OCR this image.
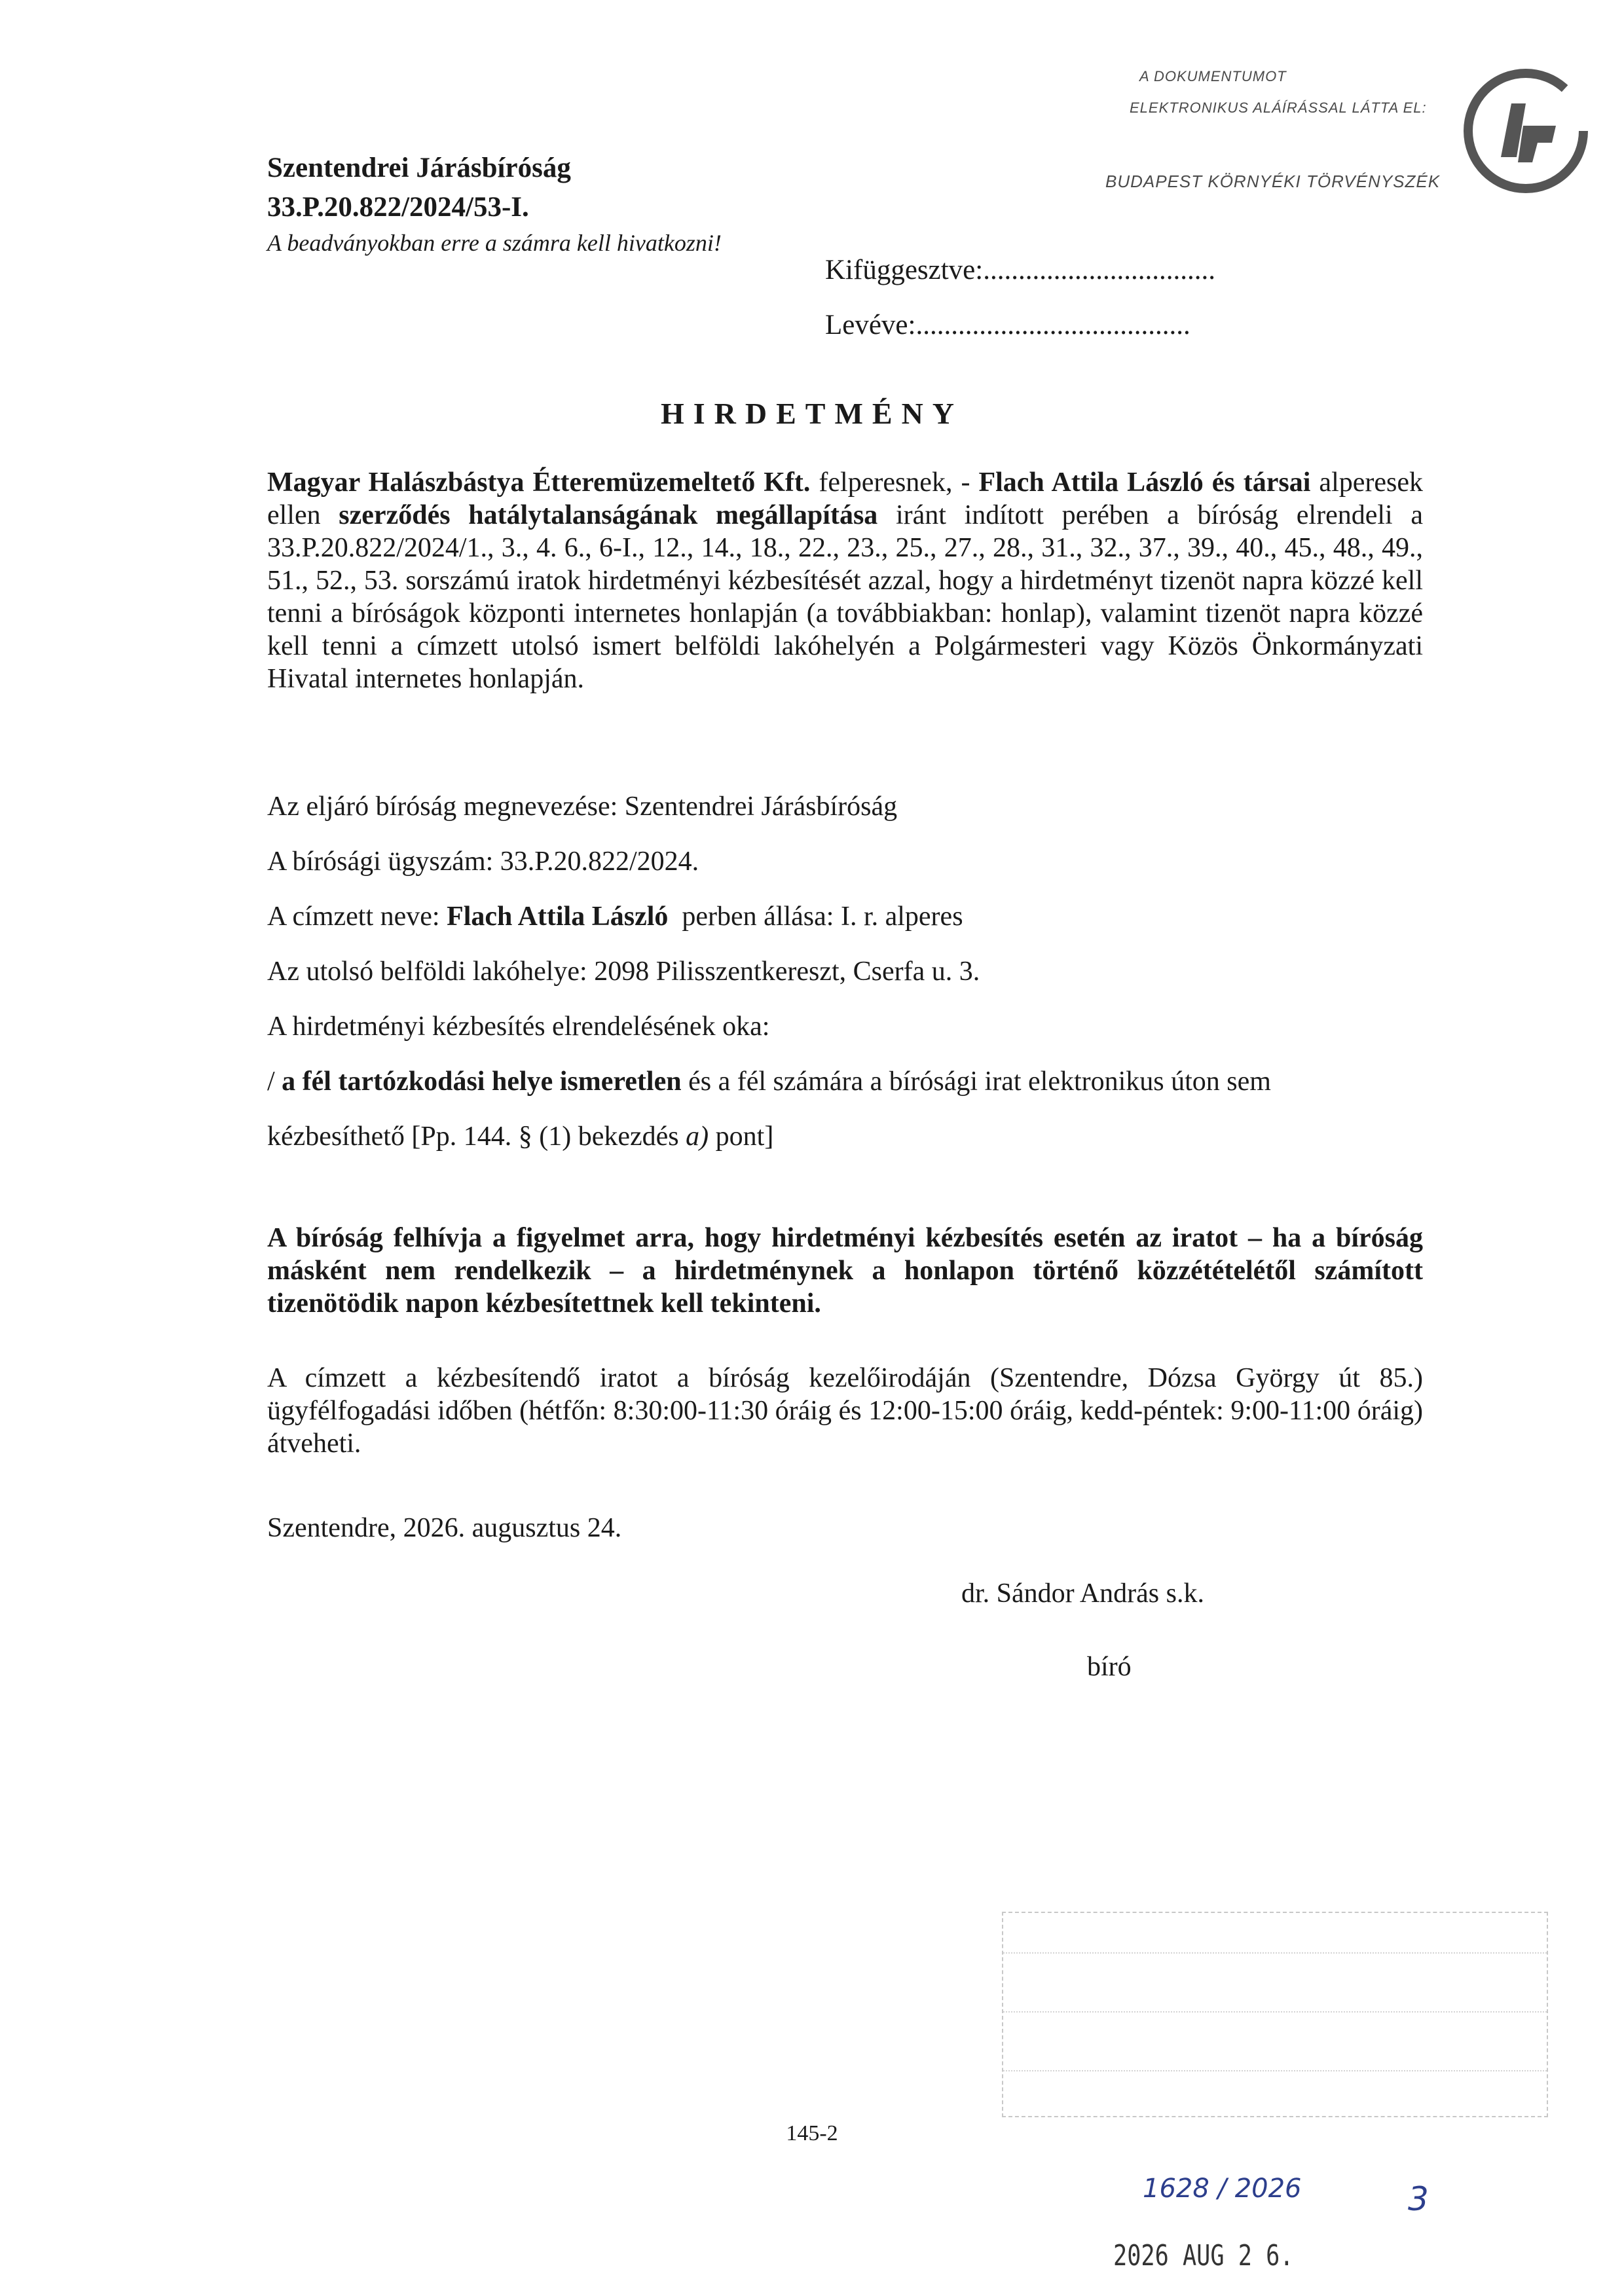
Szentendrei Járásbíróság
33.P.20.822/2024/53-I.
A beadványokban erre a számra kell hivatkozni!
A DOKUMENTUMOT
ELEKTRONIKUS ALÁÍRÁSSAL LÁTTA EL:
BUDAPEST KÖRNYÉKI TÖRVÉNYSZÉK
Kifüggesztve:.................................
Levéve:.......................................
HIRDETMÉNY
Magyar Halászbástya Étteremüzemeltető Kft. felperesnek, - Flach Attila László és társai alperesek ellen szerződés hatálytalanságának megállapítása iránt indított perében a bíróság elrendeli a 33.P.20.822/2024/1., 3., 4. 6., 6-I., 12., 14., 18., 22., 23., 25., 27., 28., 31., 32., 37., 39., 40., 45., 48., 49., 51., 52., 53. sorszámú iratok hirdetményi kézbesítését azzal, hogy a hirdetményt tizenöt napra közzé kell tenni a bíróságok központi internetes honlapján (a továbbiakban: honlap), valamint tizenöt napra közzé kell tenni a címzett utolsó ismert belföldi lakóhelyén a Polgármesteri vagy Közös Önkormányzati Hivatal internetes honlapján.
Az eljáró bíróság megnevezése: Szentendrei Járásbíróság
A bírósági ügyszám: 33.P.20.822/2024.
A címzett neve: Flach Attila László  perben állása: I. r. alperes
Az utolsó belföldi lakóhelye: 2098 Pilisszentkereszt, Cserfa u. 3.
A hirdetményi kézbesítés elrendelésének oka:
/ a fél tartózkodási helye ismeretlen és a fél számára a bírósági irat elektronikus úton sem
kézbesíthető [Pp. 144. § (1) bekezdés a) pont]
A bíróság felhívja a figyelmet arra, hogy hirdetményi kézbesítés esetén az iratot – ha a bíróság másként nem rendelkezik – a hirdetménynek a honlapon történő közzétételétől számított tizenötödik napon kézbesítettnek kell tekinteni.
A címzett a kézbesítendő iratot a bíróság kezelőirodáján (Szentendre, Dózsa György út 85.) ügyfélfogadási időben (hétfőn: 8:30:00-11:30 óráig és 12:00-15:00 óráig, kedd-péntek: 9:00-11:00 óráig) átveheti.
Szentendre, 2026. augusztus 24.
dr. Sándor András s.k.
bíró
1628 / 2026	3
2026 AUG 2 6.
145-2
